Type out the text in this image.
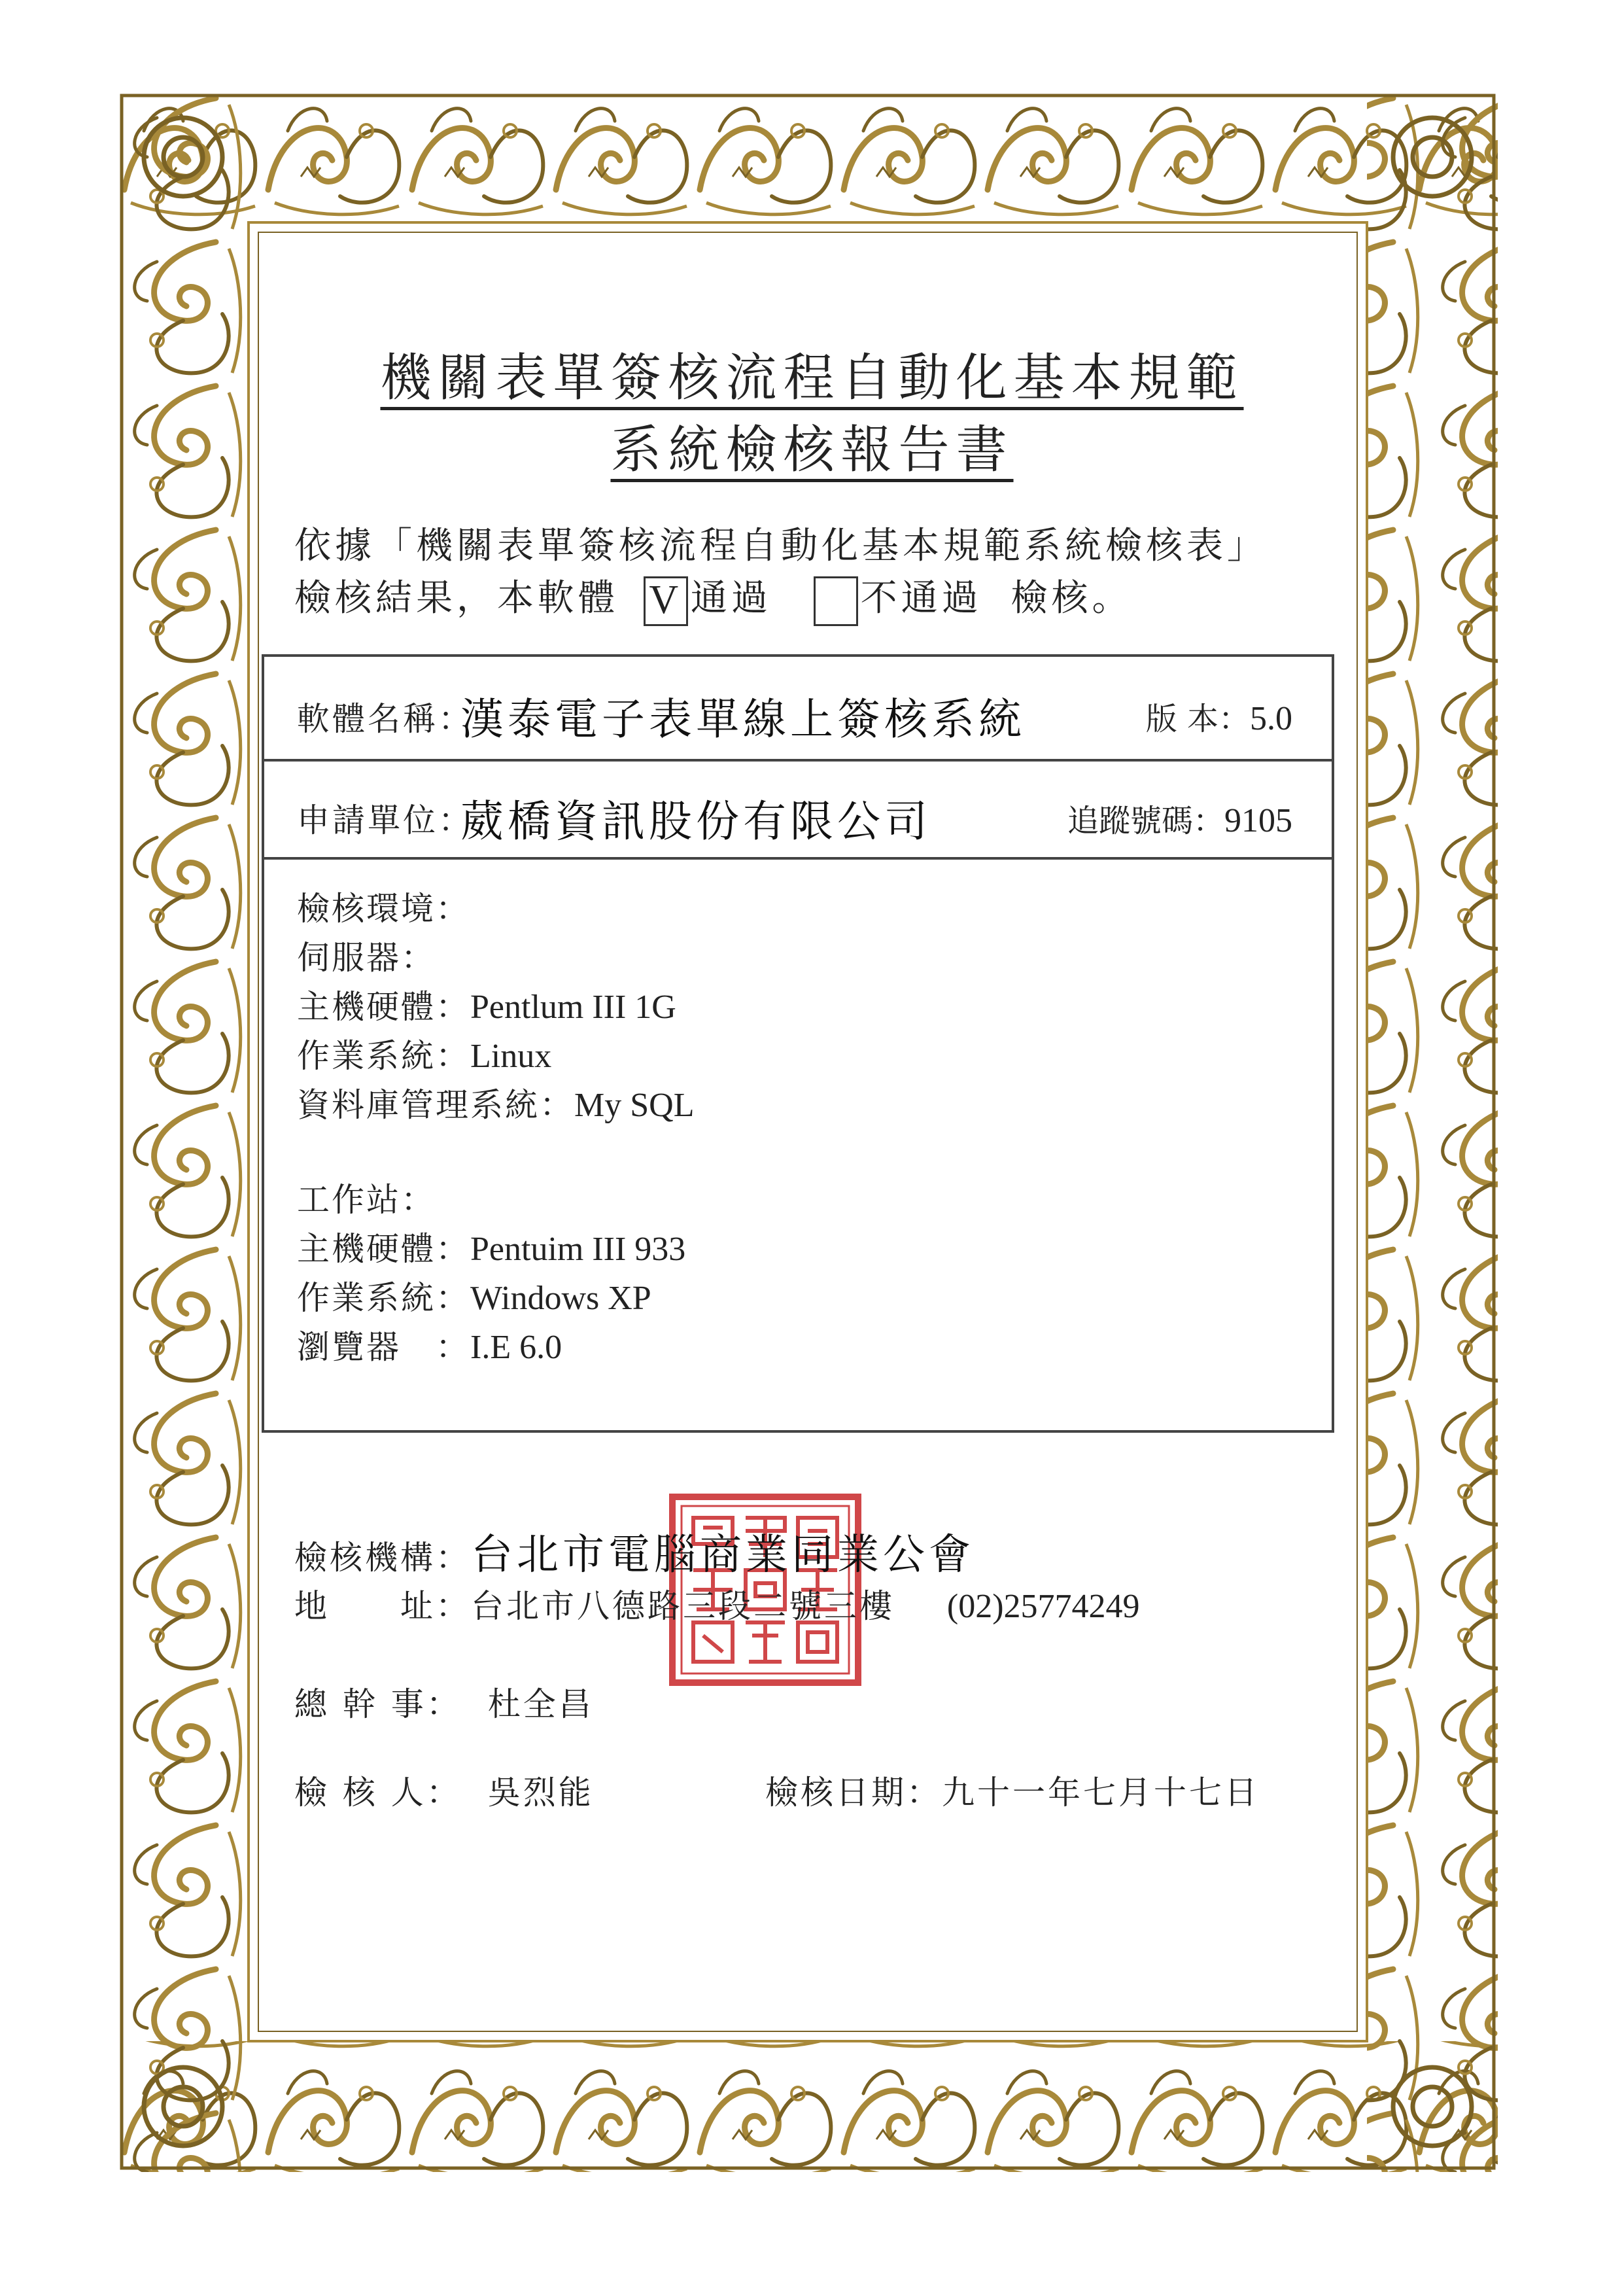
機關表單簽核流程自動化基本規範
系統檢核報告書
依據「機關表單簽核流程自動化基本規範系統檢核表」
檢核結果，本軟體 V 通過 不通過 檢核。
軟體名稱：
漢泰電子表單線上簽核系統	版 本：5.0
申請單位：
葳橋資訊股份有限公司	追蹤號碼：9105
檢核環境：
伺服器：
主機硬體：Pentlum III 1G
作業系統：Linux
資料庫管理系統：My SQL
工作站：
主機硬體：Pentuim III 933
作業系統：Windows XP
瀏覽器　：I.E 6.0
檢核機構：台北市電腦商業同業公會
地　　址：台北市八德路三段二號三樓 (02)25774249
總 幹 事： 杜全昌
檢 核 人： 吳烈能	檢核日期：九十一年七月十七日
